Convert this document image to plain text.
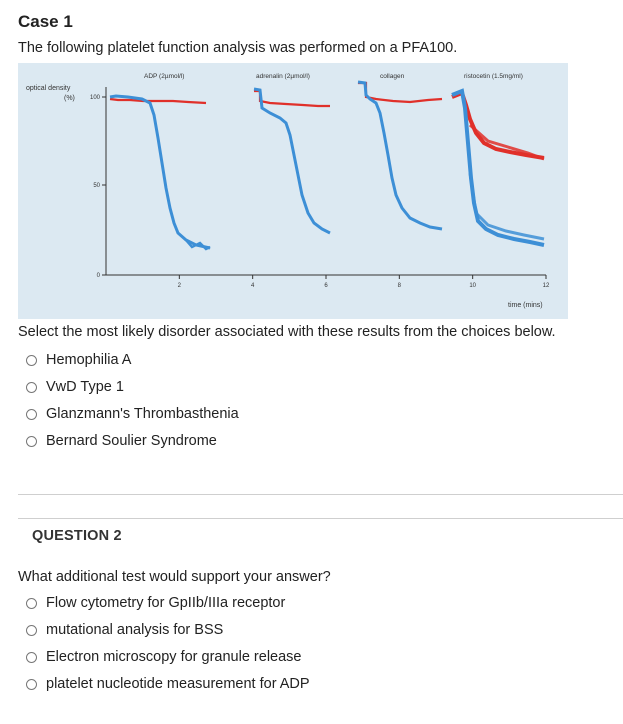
Case 1
The following platelet function analysis was performed on a PFA100.
optical density
(%)	100
50
0
2	4	6	8	10	12
time (mins)
ADP (2µmol/l)	adrenalin (2µmol/l)	collagen	ristocetin (1.5mg/ml)
Select the most likely disorder associated with these results from the choices below.
Hemophilia A
VwD Type 1
Glanzmann's Thrombasthenia
Bernard Soulier Syndrome
QUESTION 2
What additional test would support your answer?
Flow cytometry for GpIIb/IIIa receptor
mutational analysis for BSS
Electron microscopy for granule release
platelet nucleotide measurement for ADP
